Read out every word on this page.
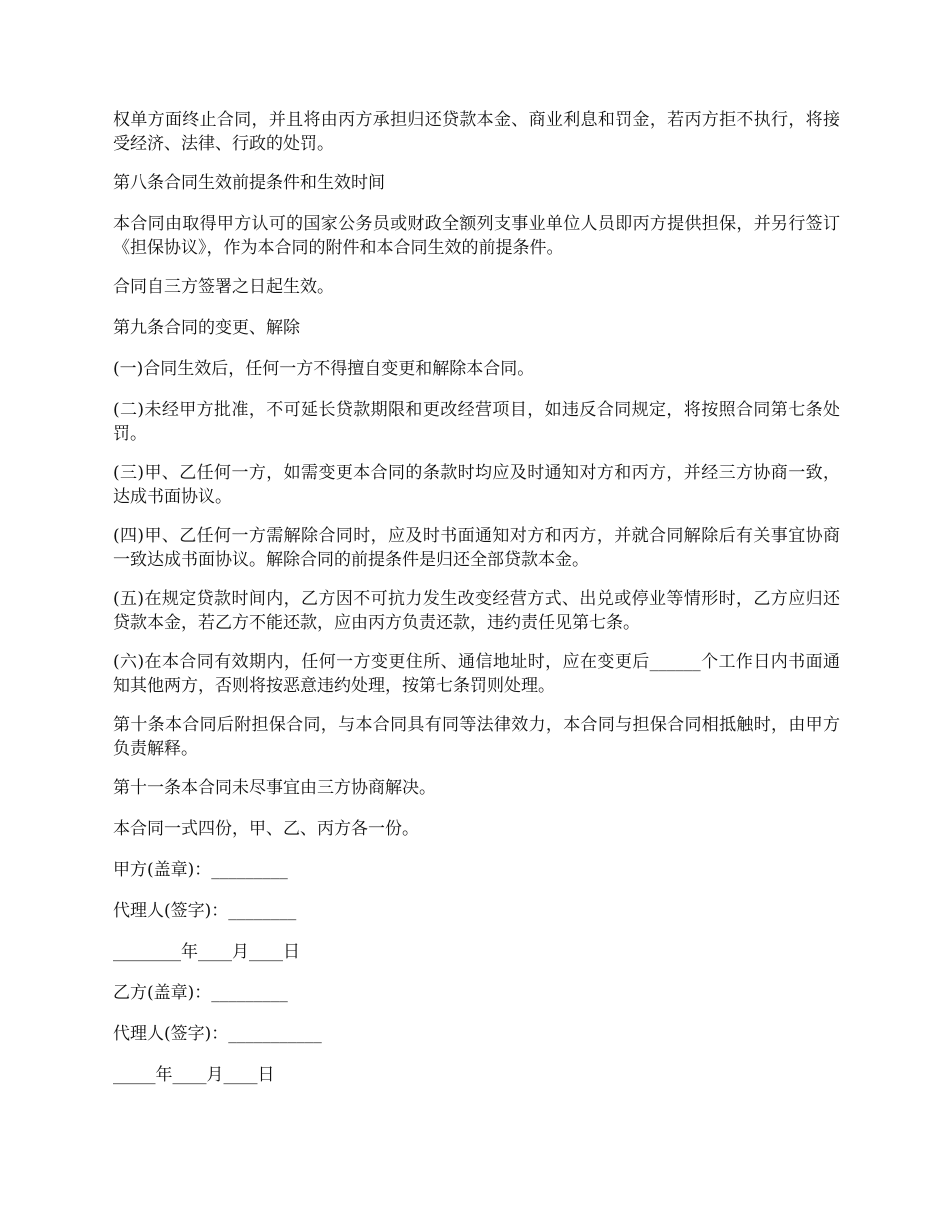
权单方面终止合同，并且将由丙方承担归还贷款本金、商业利息和罚金，若丙方拒不执行，将接受经济、法律、行政的处罚。

第八条合同生效前提条件和生效时间

本合同由取得甲方认可的国家公务员或财政全额列支事业单位人员即丙方提供担保，并另行签订《担保协议》，作为本合同的附件和本合同生效的前提条件。

合同自三方签署之日起生效。

第九条合同的变更、解除

(一)合同生效后，任何一方不得擅自变更和解除本合同。

(二)未经甲方批准，不可延长贷款期限和更改经营项目，如违反合同规定，将按照合同第七条处罚。

(三)甲、乙任何一方，如需变更本合同的条款时均应及时通知对方和丙方，并经三方协商一致，达成书面协议。

(四)甲、乙任何一方需解除合同时，应及时书面通知对方和丙方，并就合同解除后有关事宜协商一致达成书面协议。解除合同的前提条件是归还全部贷款本金。

(五)在规定贷款时间内，乙方因不可抗力发生改变经营方式、出兑或停业等情形时，乙方应归还贷款本金，若乙方不能还款，应由丙方负责还款，违约责任见第七条。

(六)在本合同有效期内，任何一方变更住所、通信地址时，应在变更后______个工作日内书面通知其他两方，否则将按恶意违约处理，按第七条罚则处理。

第十条本合同后附担保合同，与本合同具有同等法律效力，本合同与担保合同相抵触时，由甲方负责解释。

第十一条本合同未尽事宜由三方协商解决。

本合同一式四份，甲、乙、丙方各一份。

甲方(盖章)：_________

代理人(签字)：________

________年____月____日

乙方(盖章)：_________

代理人(签字)：___________

_____年____月____日
